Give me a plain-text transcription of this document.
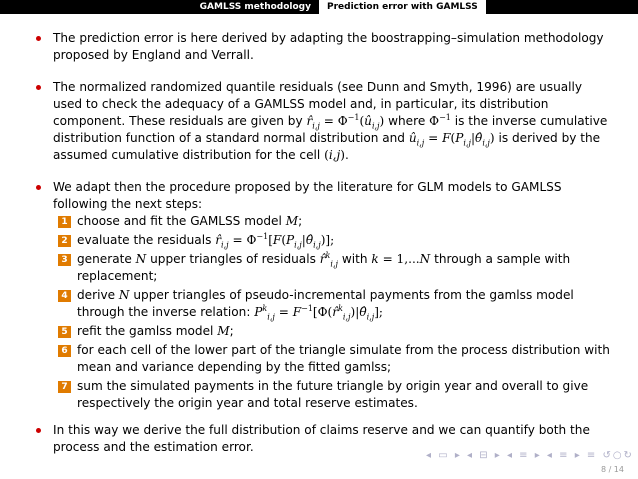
GAMLSS methodology	Prediction error with GAMLSS
The prediction error is here derived by adapting the boostrapping–simulation methodology proposed by England and Verrall.
The normalized randomized quantile residuals (see Dunn and Smyth, 1996) are usually used to check the adequacy of a GAMLSS model and, in particular, its distribution component. These residuals are given by $r̂_{i,j}$ = $\Phi^{-1}(û_{i,j})$ where $\Phi^{-1}$ is the inverse cumulative distribution function of a standard normal distribution and $û_{i,j}$ = $F(P_{i,j}|\thetâ_{i,j})$ is derived by the assumed cumulative distribution for the cell (i,j).
We adapt then the procedure proposed by the literature for GLM models to GAMLSS following the next steps:
1 choose and fit the GAMLSS model M;
2 evaluate the residuals $r̂_{i,j}$ = $\Phi^{-1}[F(P_{i,j}|\thetâ_{i,j})]$;
3 generate N upper triangles of residuals r̂$^k_{i,j}$ with k = 1,...N through a sample with replacement;
4 derive N upper triangles of pseudo-incremental payments from the gamlss model through the inverse relation: $P^k_{i,j}$ = $F^{-1}[\Phi(r̂^k_{i,j})|\thetâ_{i,j}]$;
5 refit the gamlss model M;
6 for each cell of the lower part of the triangle simulate from the process distribution with mean and variance depending by the fitted gamlss;
7 sum the simulated payments in the future triangle by origin year and overall to give respectively the origin year and total reserve estimates.
In this way we derive the full distribution of claims reserve and we can quantify both the process and the estimation error.
◂ ▭ ▸ ◂ ⊟ ▸ ◂ ≡ ▸ ◂ ≡ ▸ ≡ ↺○↻
8 / 14
